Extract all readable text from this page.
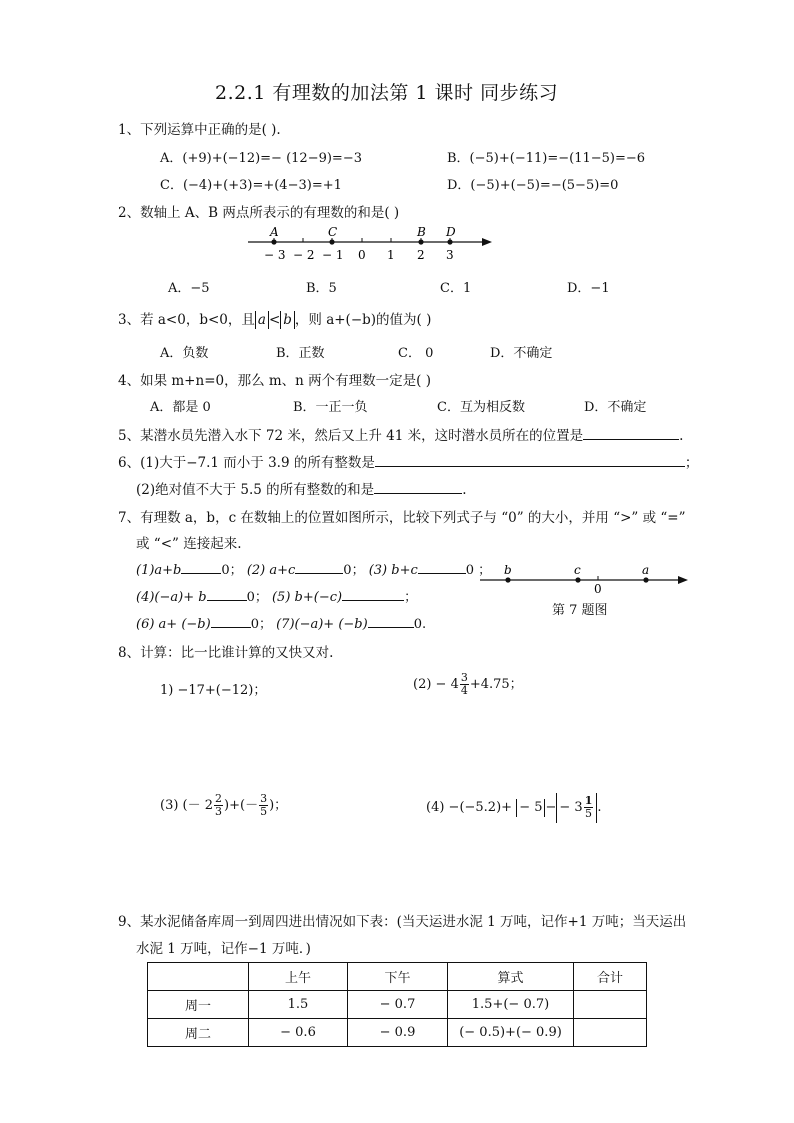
2.2.1 有理数的加法第 1 课时 同步练习
1、下列运算中正确的是( ).
A．(+9)+(−12)=− (12−9)=−3	B．(−5)+(−11)=−(11−5)=−6
C．(−4)+(+3)=+(4−3)=+1	D．(−5)+(−5)=−(5−5)=0
2、数轴上 A、B 两点所表示的有理数的和是( )
A	C	B D
− 3 − 2 − 1 0 1 2 3
A．−5	B．5	C．1	D．−1
3、若 a<0，b<0，且 a < b ，则 a+(−b)的值为( )
A．负数	B．正数	C． 0	D．不确定
4、如果 m+n=0，那么 m、n 两个有理数一定是( )
A．都是 0	B．一正一负	C．互为相反数	D．不确定
5、某潜水员先潜入水下 72 米，然后又上升 41 米，这时潜水员所在的位置是	.
6、(1)大于−7.1 而小于 3.9 的所有整数是	；
(2)绝对值不大于 5.5 的所有整数的和是	.
7、有理数 a，b，c 在数轴上的位置如图所示，比较下列式子与 “0” 的大小，并用 “>” 或 “=”
或 “<” 连接起来.
(1)a+b	0； (2) a+c	0； (3) b+c	0 ；
(4)(−a)+ b	0； (5) b+(−c)	；
(6) a+ (−b)	0； (7)(−a)+ (−b)	0.
b	c
0
a
第 7 题图
8、计算：比一比谁计算的又快又对.
1) −17+(−12)；	$(2) - 4 \frac{3}{4} +4.75$；
(3) (－ $2 \frac{2}{3}$ )+(－ $\frac{3}{5}$ )；	(4) −(−5.2)+ − 5 − − $3 \frac{1}{5}$ .
9、某水泥储备库周一到周四进出情况如下表：(当天运进水泥 1 万吨，记作+1 万吨；当天运出
水泥 1 万吨，记作−1 万吨．)
	上午	下午	算式	合计
周一	1.5	− 0.7	1.5+(− 0.7)	
周二	− 0.6	− 0.9	(− 0.5)+(− 0.9)	
